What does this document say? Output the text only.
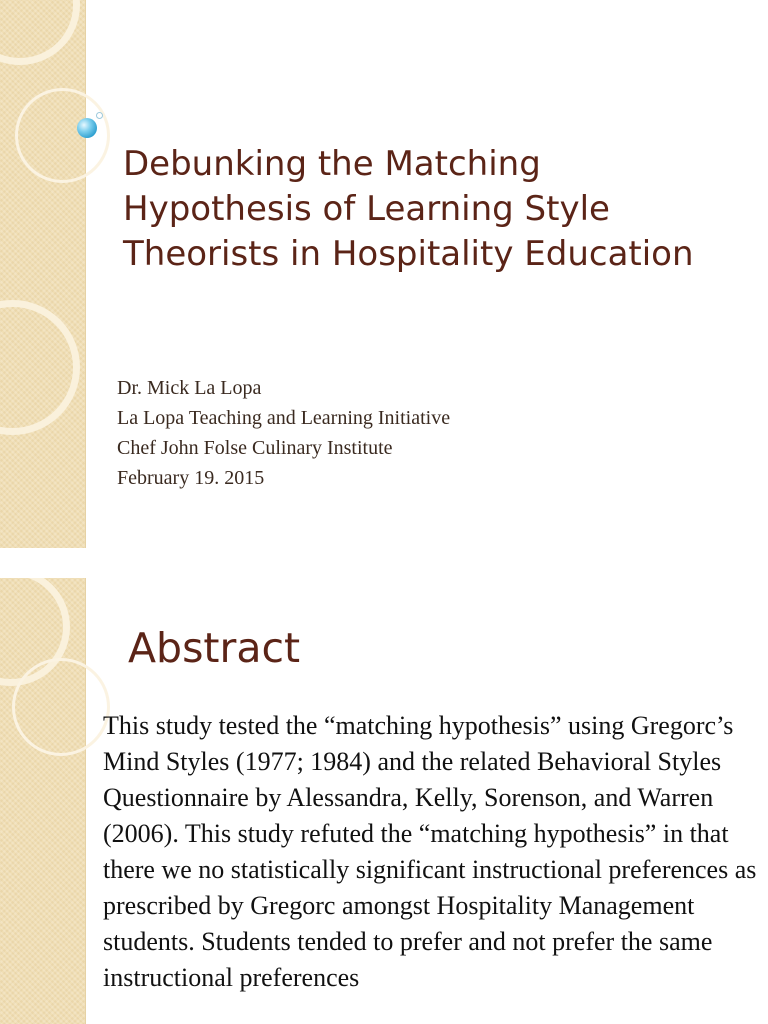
Debunking the Matching Hypothesis of Learning Style Theorists in Hospitality Education
Dr. Mick La Lopa
La Lopa Teaching and Learning Initiative
Chef John Folse Culinary Institute
February 19. 2015
Abstract

This study tested the “matching hypothesis” using Gregorc’s Mind Styles (1977; 1984) and the related Behavioral Styles Questionnaire by Alessandra, Kelly, Sorenson, and Warren (2006). This study refuted the “matching hypothesis” in that there we no statistically significant instructional preferences as prescribed by Gregorc amongst Hospitality Management students. Students tended to prefer and not prefer the same instructional preferences
